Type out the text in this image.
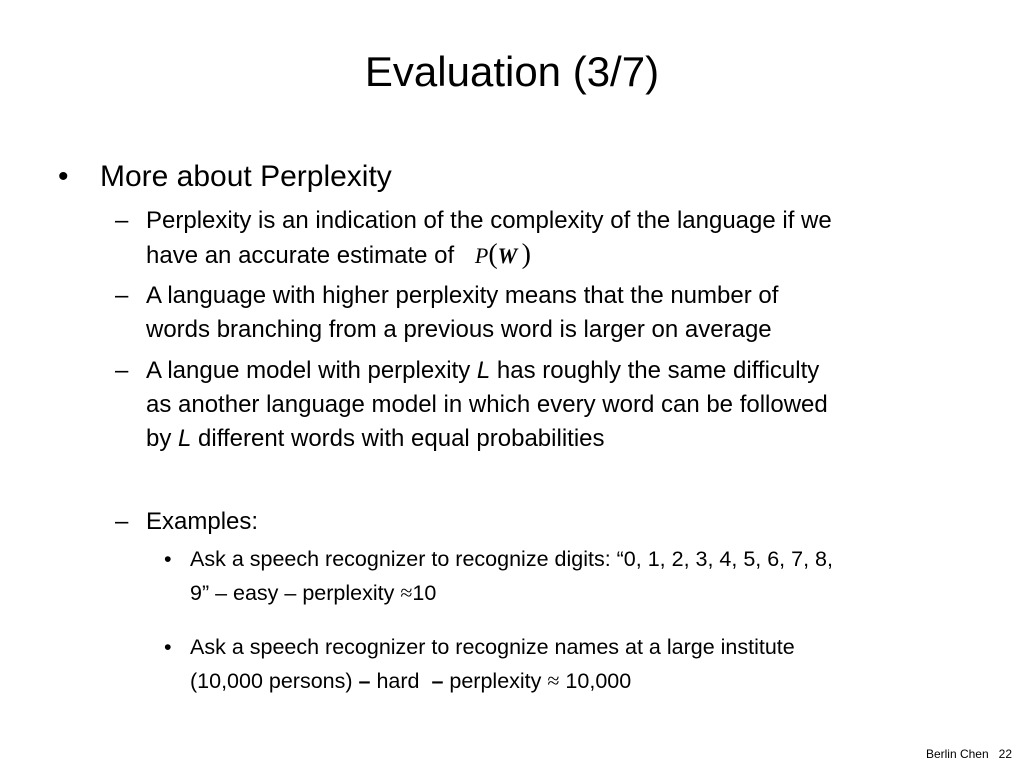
Evaluation (3/7)
• More about Perplexity
– Perplexity is an indication of the complexity of the language if we
have an accurate estimate of P(W  )
– A language with higher perplexity means that the number of
words branching from a previous word is larger on average
– A langue model with perplexity L has roughly the same difficulty
as another language model in which every word can be followed
by L different words with equal probabilities
– Examples:
• Ask a speech recognizer to recognize digits: “0, 1, 2, 3, 4, 5, 6, 7, 8,
9” – easy – perplexity ≈10
• Ask a speech recognizer to recognize names at a large institute
(10,000 persons) – hard  – perplexity ≈ 10,000
Berlin Chen 22
